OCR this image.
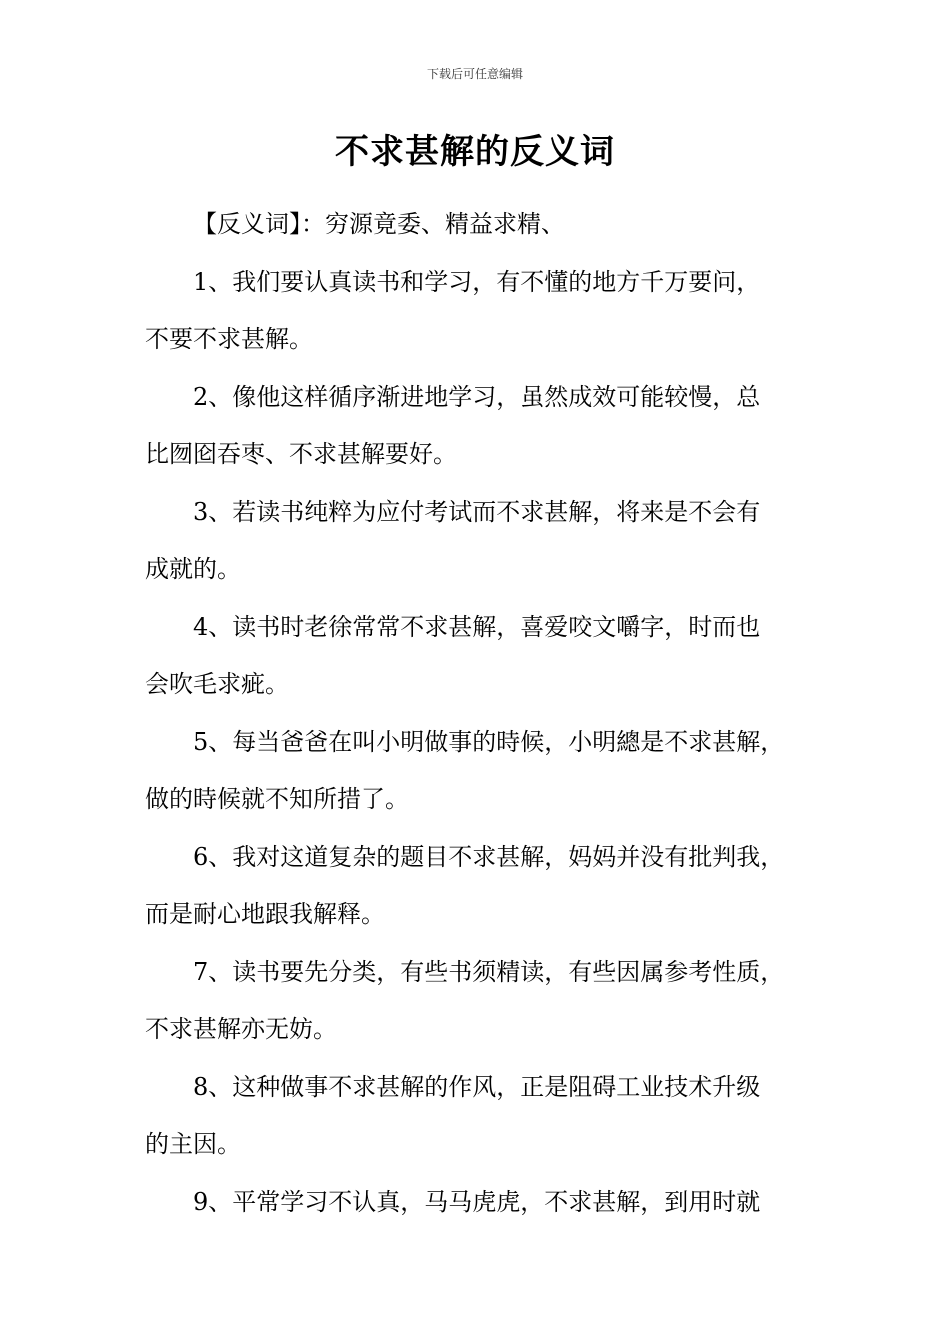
下载后可任意编辑
不求甚解的反义词

【反义词】：穷源竟委、精益求精、

1、我们要认真读书和学习，有不懂的地方千万要问，
不要不求甚解。

2、像他这样循序渐进地学习，虽然成效可能较慢，总
比囫囵吞枣、不求甚解要好。

3、若读书纯粹为应付考试而不求甚解，将来是不会有
成就的。

4、读书时老徐常常不求甚解，喜爱咬文嚼字，时而也
会吹毛求疵。

5、每当爸爸在叫小明做事的時候，小明總是不求甚解，
做的時候就不知所措了。

6、我对这道复杂的题目不求甚解，妈妈并没有批判我，
而是耐心地跟我解释。

7、读书要先分类，有些书须精读，有些因属参考性质，
不求甚解亦无妨。

8、这种做事不求甚解的作风，正是阻碍工业技术升级
的主因。

9、平常学习不认真，马马虎虎，不求甚解，到用时就
